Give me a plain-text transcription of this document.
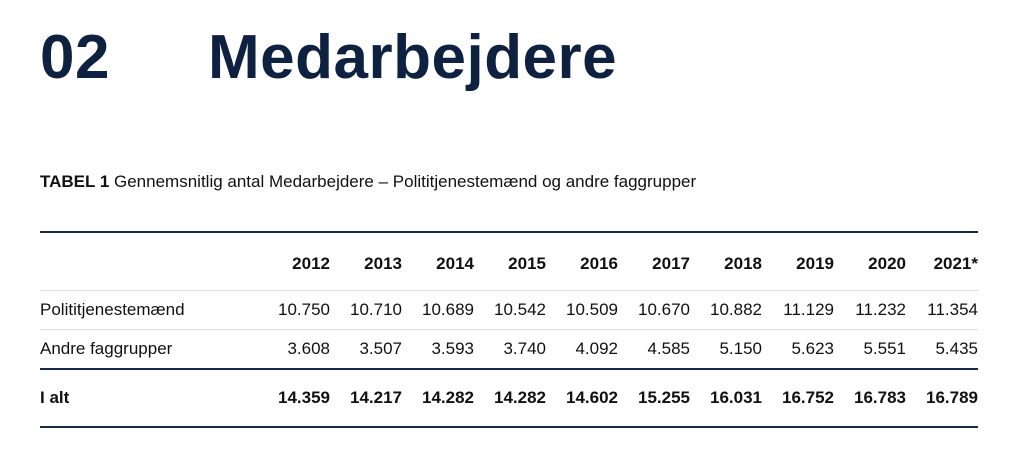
02	Medarbejdere
TABEL 1 Gennemsnitlig antal Medarbejdere – Polititjenestemænd og andre faggrupper
	2012	2013	2014	2015	2016	2017	2018	2019	2020	2021*
Polititjenestemænd	10.750	10.710	10.689	10.542	10.509	10.670	10.882	11.129	11.232	11.354
Andre faggrupper	3.608	3.507	3.593	3.740	4.092	4.585	5.150	5.623	5.551	5.435
I alt	14.359	14.217	14.282	14.282	14.602	15.255	16.031	16.752	16.783	16.789
